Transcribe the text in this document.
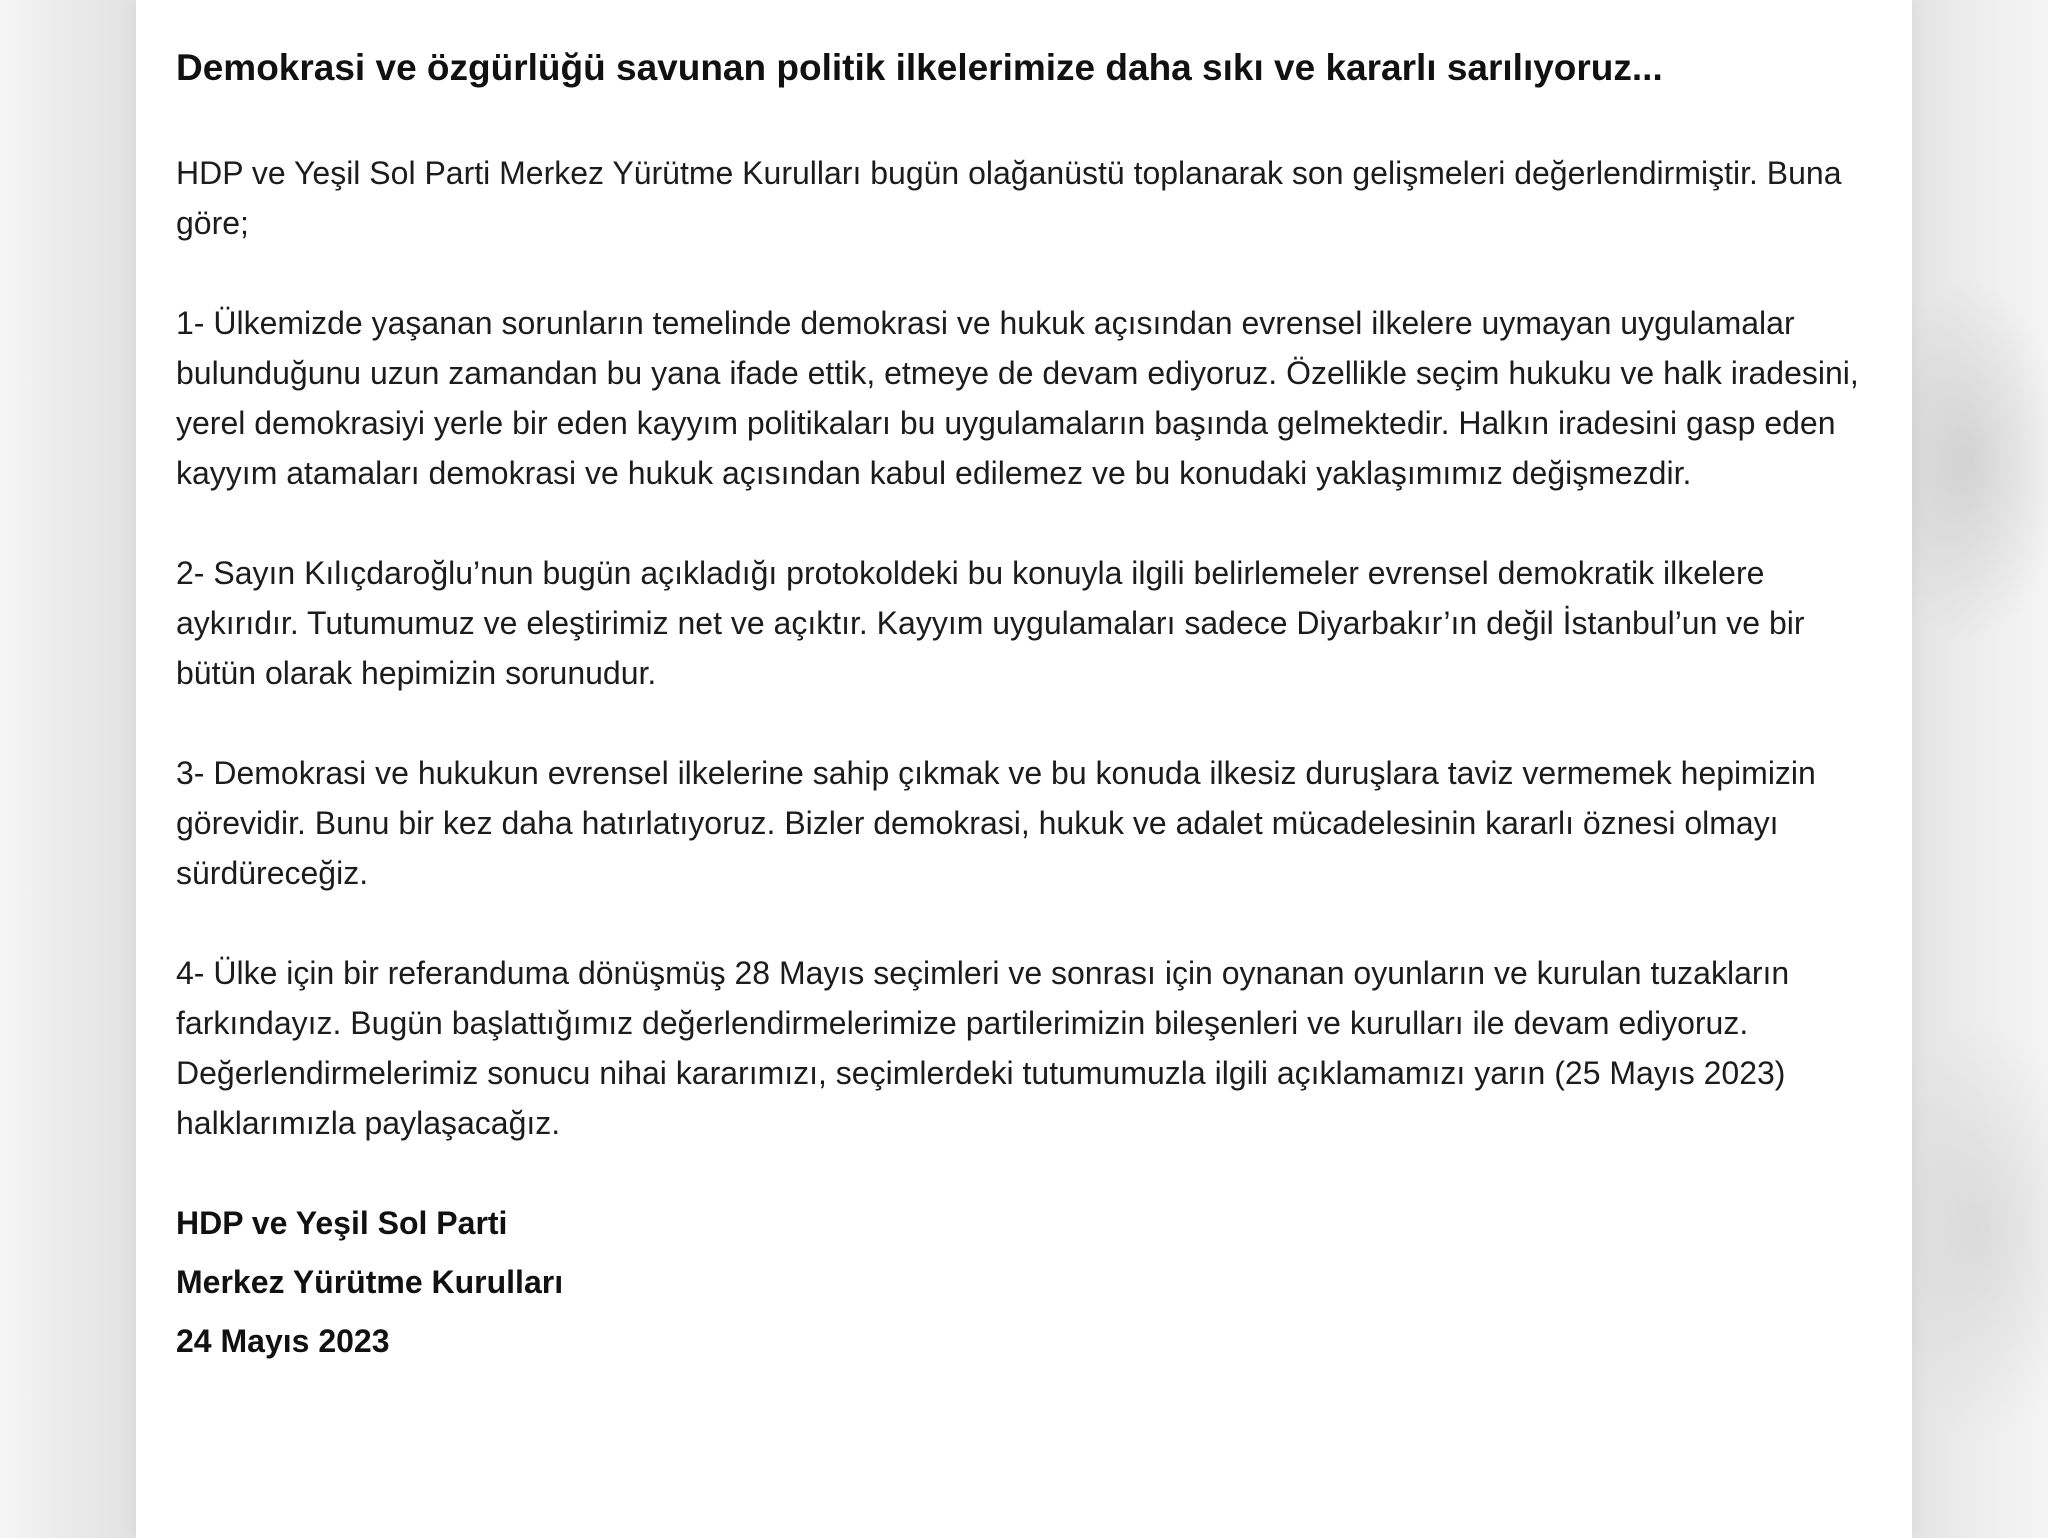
Demokrasi ve özgürlüğü savunan politik ilkelerimize daha sıkı ve kararlı sarılıyoruz...

HDP ve Yeşil Sol Parti Merkez Yürütme Kurulları bugün olağanüstü toplanarak son gelişmeleri değerlendirmiştir. Buna göre;

1- Ülkemizde yaşanan sorunların temelinde demokrasi ve hukuk açısından evrensel ilkelere uymayan uygulamalar bulunduğunu uzun zamandan bu yana ifade ettik, etmeye de devam ediyoruz. Özellikle seçim hukuku ve halk iradesini, yerel demokrasiyi yerle bir eden kayyım politikaları bu uygulamaların başında gelmektedir. Halkın iradesini gasp eden kayyım atamaları demokrasi ve hukuk açısından kabul edilemez ve bu konudaki yaklaşımımız değişmezdir.

2- Sayın Kılıçdaroğlu’nun bugün açıkladığı protokoldeki bu konuyla ilgili belirlemeler evrensel demokratik ilkelere aykırıdır. Tutumumuz ve eleştirimiz net ve açıktır. Kayyım uygulamaları sadece Diyarbakır’ın değil İstanbul’un ve bir bütün olarak hepimizin sorunudur.

3- Demokrasi ve hukukun evrensel ilkelerine sahip çıkmak ve bu konuda ilkesiz duruşlara taviz vermemek hepimizin görevidir. Bunu bir kez daha hatırlatıyoruz. Bizler demokrasi, hukuk ve adalet mücadelesinin kararlı öznesi olmayı sürdüreceğiz.

4- Ülke için bir referanduma dönüşmüş 28 Mayıs seçimleri ve sonrası için oynanan oyunların ve kurulan tuzakların farkındayız. Bugün başlattığımız değerlendirmelerimize partilerimizin bileşenleri ve kurulları ile devam ediyoruz. Değerlendirmelerimiz sonucu nihai kararımızı, seçimlerdeki tutumumuzla ilgili açıklamamızı yarın (25 Mayıs 2023) halklarımızla paylaşacağız.

HDP ve Yeşil Sol Parti
Merkez Yürütme Kurulları
24 Mayıs 2023
